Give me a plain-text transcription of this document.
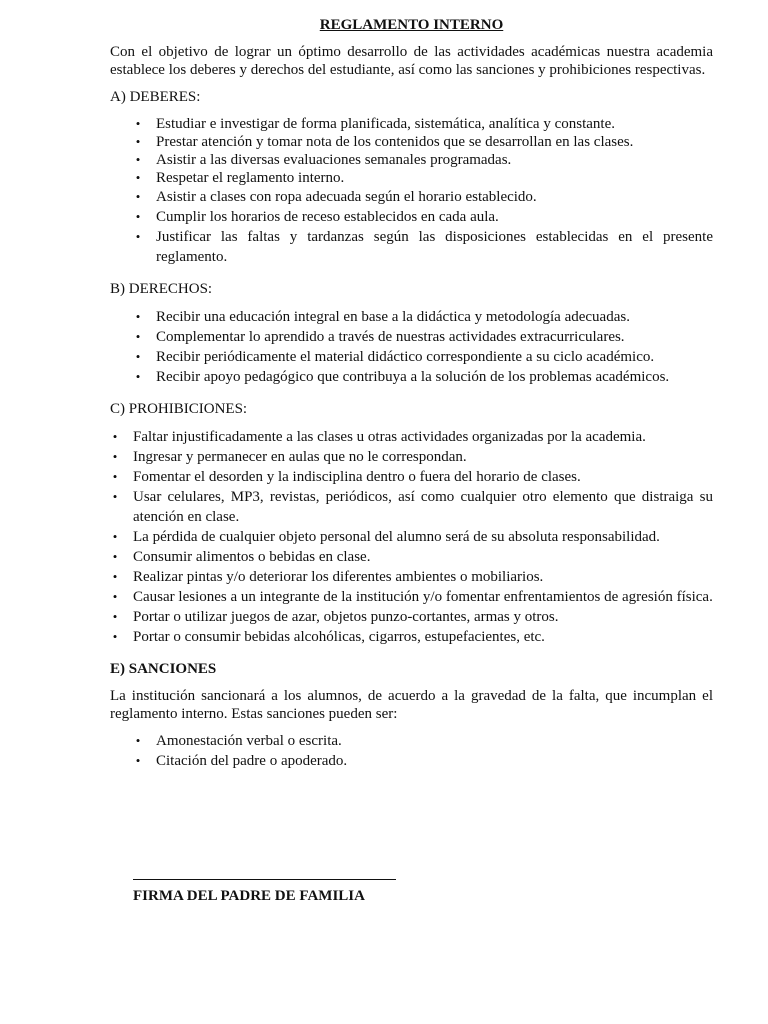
REGLAMENTO INTERNO

Con el objetivo de lograr un óptimo desarrollo de las actividades académicas nuestra academia establece los deberes y derechos del estudiante, así como las sanciones y prohibiciones respectivas.

A) DEBERES:
• Estudiar e investigar de forma planificada, sistemática, analítica y constante.
• Prestar atención y tomar nota de los contenidos que se desarrollan en las clases.
• Asistir a las diversas evaluaciones semanales programadas.
• Respetar el reglamento interno.
• Asistir a clases con ropa adecuada según el horario establecido.
• Cumplir los horarios de receso establecidos en cada aula.
• Justificar las faltas y tardanzas según las disposiciones establecidas en el presente reglamento.
B) DERECHOS:
• Recibir una educación integral en base a la didáctica y metodología adecuadas.
• Complementar lo aprendido a través de nuestras actividades extracurriculares.
• Recibir periódicamente el material didáctico correspondiente a su ciclo académico.
• Recibir apoyo pedagógico que contribuya a la solución de los problemas académicos.
C) PROHIBICIONES:
• Faltar injustificadamente a las clases u otras actividades organizadas por la academia.
• Ingresar y permanecer en aulas que no le correspondan.
• Fomentar el desorden y la indisciplina dentro o fuera del horario de clases.
• Usar celulares, MP3, revistas, periódicos, así como cualquier otro elemento que distraiga su atención en clase.
• La pérdida de cualquier objeto personal del alumno será de su absoluta responsabilidad.
• Consumir alimentos o bebidas en clase.
• Realizar pintas y/o deteriorar los diferentes ambientes o mobiliarios.
• Causar lesiones a un integrante de la institución y/o fomentar enfrentamientos de agresión física.
• Portar o utilizar juegos de azar, objetos punzo-cortantes, armas y otros.
• Portar o consumir bebidas alcohólicas, cigarros, estupefacientes, etc.
E) SANCIONES

La institución sancionará a los alumnos, de acuerdo a la gravedad de la falta, que incumplan el reglamento interno. Estas sanciones pueden ser:

• Amonestación verbal o escrita.
• Citación del padre o apoderado.
FIRMA DEL PADRE DE FAMILIA
